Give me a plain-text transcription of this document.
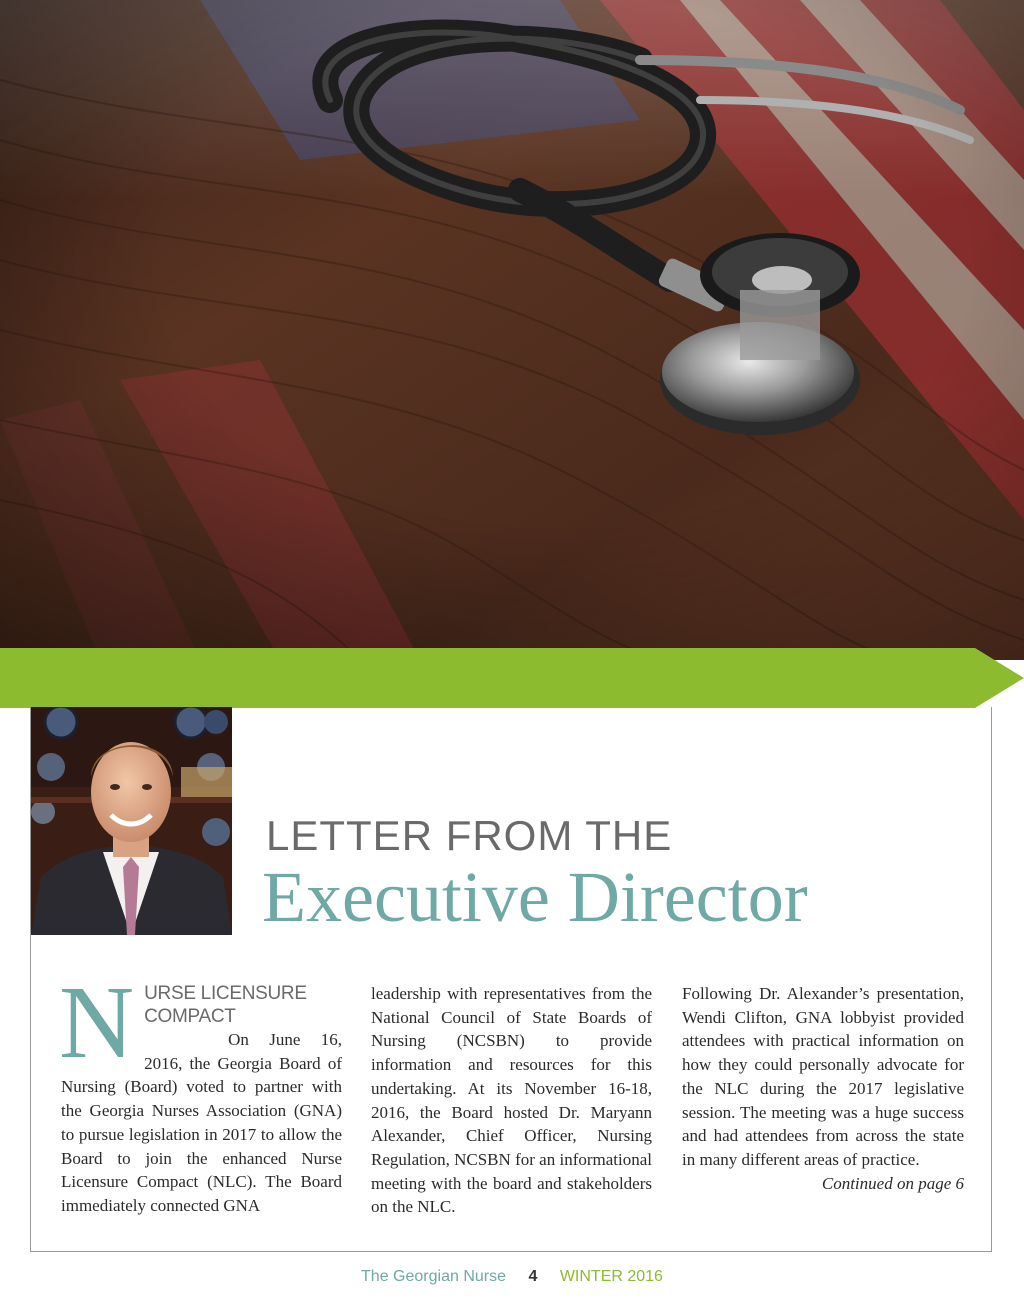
LETTER FROM THE
Executive Director
N URSE LICENSURE
COMPACT
On June 16, 2016, the Georgia Board of Nursing (Board) voted to partner with the Georgia Nurses Association (GNA) to pursue legislation in 2017 to allow the Board to join the enhanced Nurse Licensure Compact (NLC). The Board immediately connected GNA
leadership with representatives from the National Council of State Boards of Nursing (NCSBN) to provide information and resources for this undertaking. At its November 16-18, 2016, the Board hosted Dr. Maryann Alexander, Chief Officer, Nursing Regulation, NCSBN for an informational meeting with the board and stakeholders on the NLC.
Following Dr. Alexander’s presentation, Wendi Clifton, GNA lobbyist provided attendees with practical information on how they could personally advocate for the NLC during the 2017 legislative session. The meeting was a huge success and had attendees from across the state in many different areas of practice.
Continued on page 6
The Georgian Nurse 4 WINTER 2016
